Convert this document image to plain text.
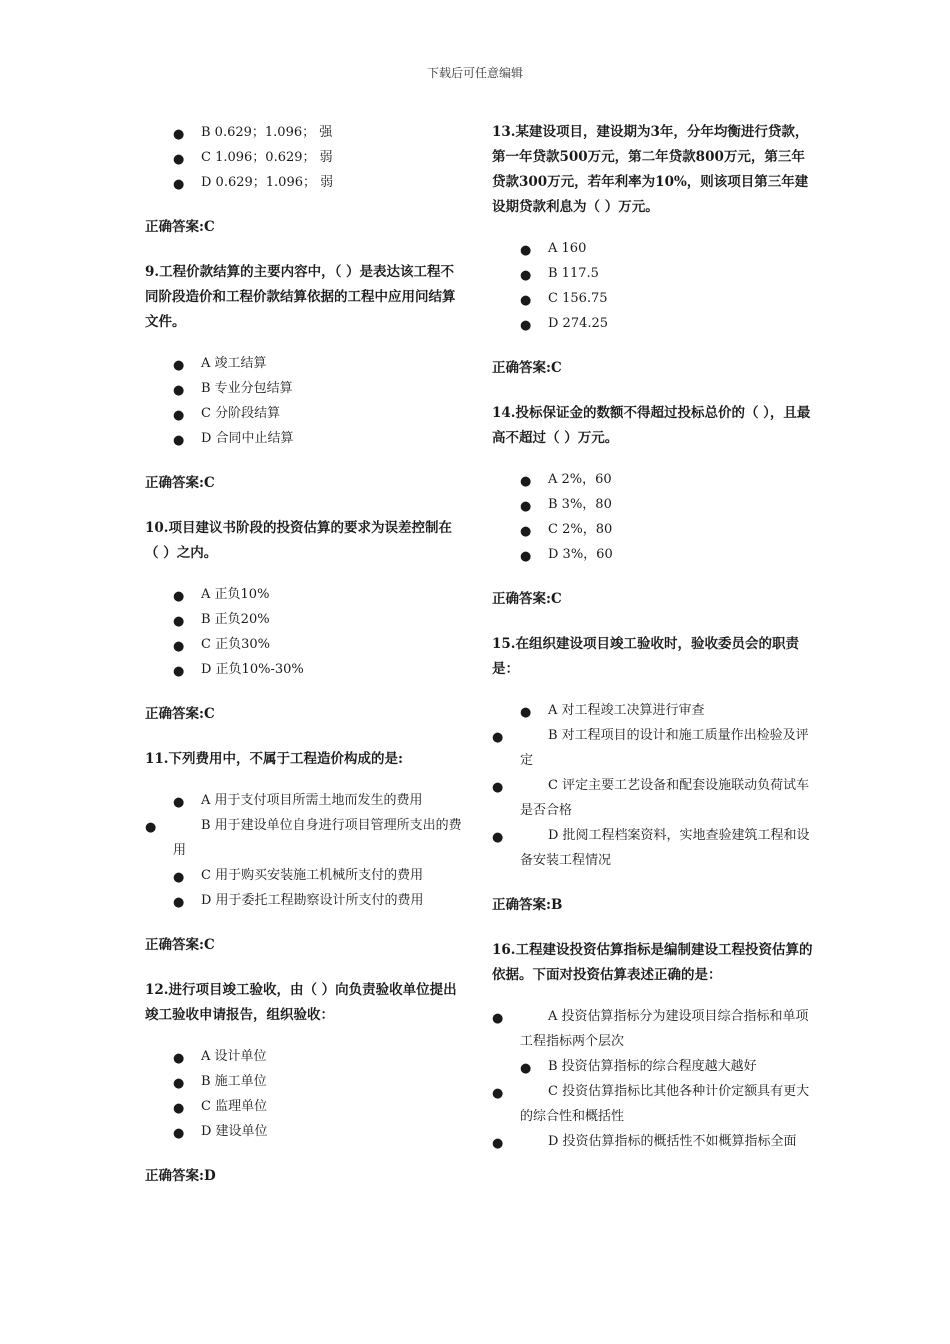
下载后可任意编辑
● B 0.629；1.096； 强
● C 1.096；0.629； 弱
● D 0.629；1.096； 弱
正确答案:C
9.工程价款结算的主要内容中，（ ）是表达该工程不同阶段造价和工程价款结算依据的工程中应用问结算文件。
● A 竣工结算
● B 专业分包结算
● C 分阶段结算
● D 合同中止结算
正确答案:C
10.项目建议书阶段的投资估算的要求为误差控制在（ ）之内。
● A 正负10%
● B 正负20%
● C 正负30%
● D 正负10%-30%
正确答案:C
11.下列费用中，不属于工程造价构成的是:
● A 用于支付项目所需土地而发生的费用
●	B 用于建设单位自身进行项目管理所支出的费用
● C 用于购买安装施工机械所支付的费用
● D 用于委托工程勘察设计所支付的费用
正确答案:C
12.进行项目竣工验收，由（ ）向负责验收单位提出竣工验收申请报告，组织验收：
● A 设计单位
● B 施工单位
● C 监理单位
● D 建设单位
正确答案:D
13.某建设项目，建设期为3年，分年均衡进行贷款，第一年贷款500万元，第二年贷款800万元，第三年贷款300万元，若年利率为10%，则该项目第三年建设期贷款利息为（ ）万元。
● A 160
● B 117.5
● C 156.75
● D 274.25
正确答案:C
14.投标保证金的数额不得超过投标总价的（ ），且最高不超过（ ）万元。
● A 2%，60
● B 3%，80
● C 2%，80
● D 3%，60
正确答案:C
15.在组织建设项目竣工验收时，验收委员会的职责是：
● A 对工程竣工决算进行审查
●	B 对工程项目的设计和施工质量作出检验及评定
●	C 评定主要工艺设备和配套设施联动负荷试车是否合格
●	D 批阅工程档案资料，实地查验建筑工程和设备安装工程情况
正确答案:B
16.工程建设投资估算指标是编制建设工程投资估算的依据。下面对投资估算表述正确的是：
●	A 投资估算指标分为建设项目综合指标和单项工程指标两个层次
● B 投资估算指标的综合程度越大越好
●	C 投资估算指标比其他各种计价定额具有更大的综合性和概括性
●	D 投资估算指标的概括性不如概算指标全面
